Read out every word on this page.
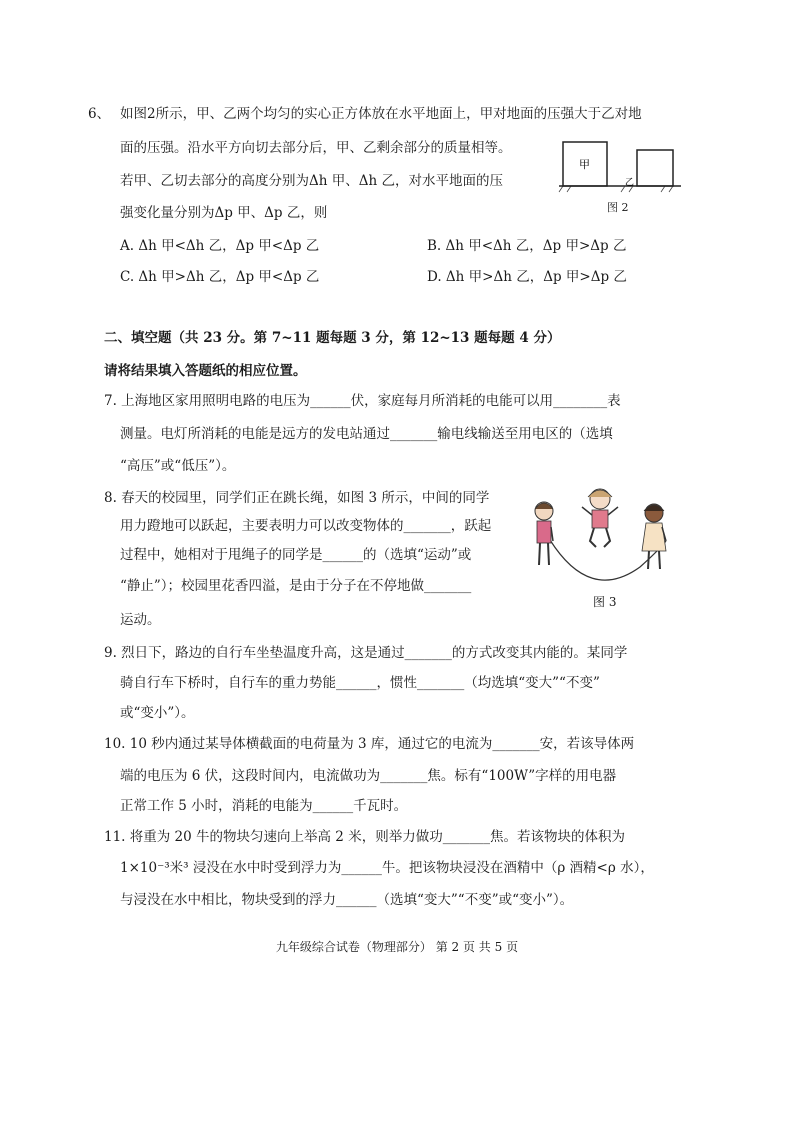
6、 如图2所示，甲、乙两个均匀的实心正方体放在水平地面上，甲对地面的压强大于乙对地
面的压强。沿水平方向切去部分后，甲、乙剩余部分的质量相等。
若甲、乙切去部分的高度分别为Δh 甲、Δh 乙，对水平地面的压
强变化量分别为Δp 甲、Δp 乙，则
A. Δh 甲<Δh 乙，Δp 甲<Δp 乙	B. Δh 甲<Δh 乙，Δp 甲>Δp 乙
C. Δh 甲>Δh 乙，Δp 甲<Δp 乙	D. Δh 甲>Δh 乙，Δp 甲>Δp 乙
甲
乙
图 2
二、填空题（共 23 分。第 7~11 题每题 3 分，第 12~13 题每题 4 分）
请将结果填入答题纸的相应位置。
7. 上海地区家用照明电路的电压为______伏，家庭每月所消耗的电能可以用________表
测量。电灯所消耗的电能是远方的发电站通过_______输电线输送至用电区的（选填
“高压”或“低压”）。
8. 春天的校园里，同学们正在跳长绳，如图 3 所示，中间的同学
用力蹬地可以跃起，主要表明力可以改变物体的_______，跃起
过程中，她相对于甩绳子的同学是______的（选填“运动”或
“静止”）；校园里花香四溢，是由于分子在不停地做_______
运动。
图 3
9. 烈日下，路边的自行车坐垫温度升高，这是通过_______的方式改变其内能的。某同学
骑自行车下桥时，自行车的重力势能______，惯性_______（均选填“变大”“不变”
或“变小”）。
10. 10 秒内通过某导体横截面的电荷量为 3 库，通过它的电流为_______安，若该导体两
端的电压为 6 伏，这段时间内，电流做功为_______焦。标有“100W”字样的用电器
正常工作 5 小时，消耗的电能为______千瓦时。
11. 将重为 20 牛的物块匀速向上举高 2 米，则举力做功_______焦。若该物块的体积为
1×10⁻³米³ 浸没在水中时受到浮力为______牛。把该物块浸没在酒精中（ρ 酒精<ρ 水），
与浸没在水中相比，物块受到的浮力______（选填“变大”“不变”或“变小”）。
九年级综合试卷（物理部分） 第 2 页 共 5 页
